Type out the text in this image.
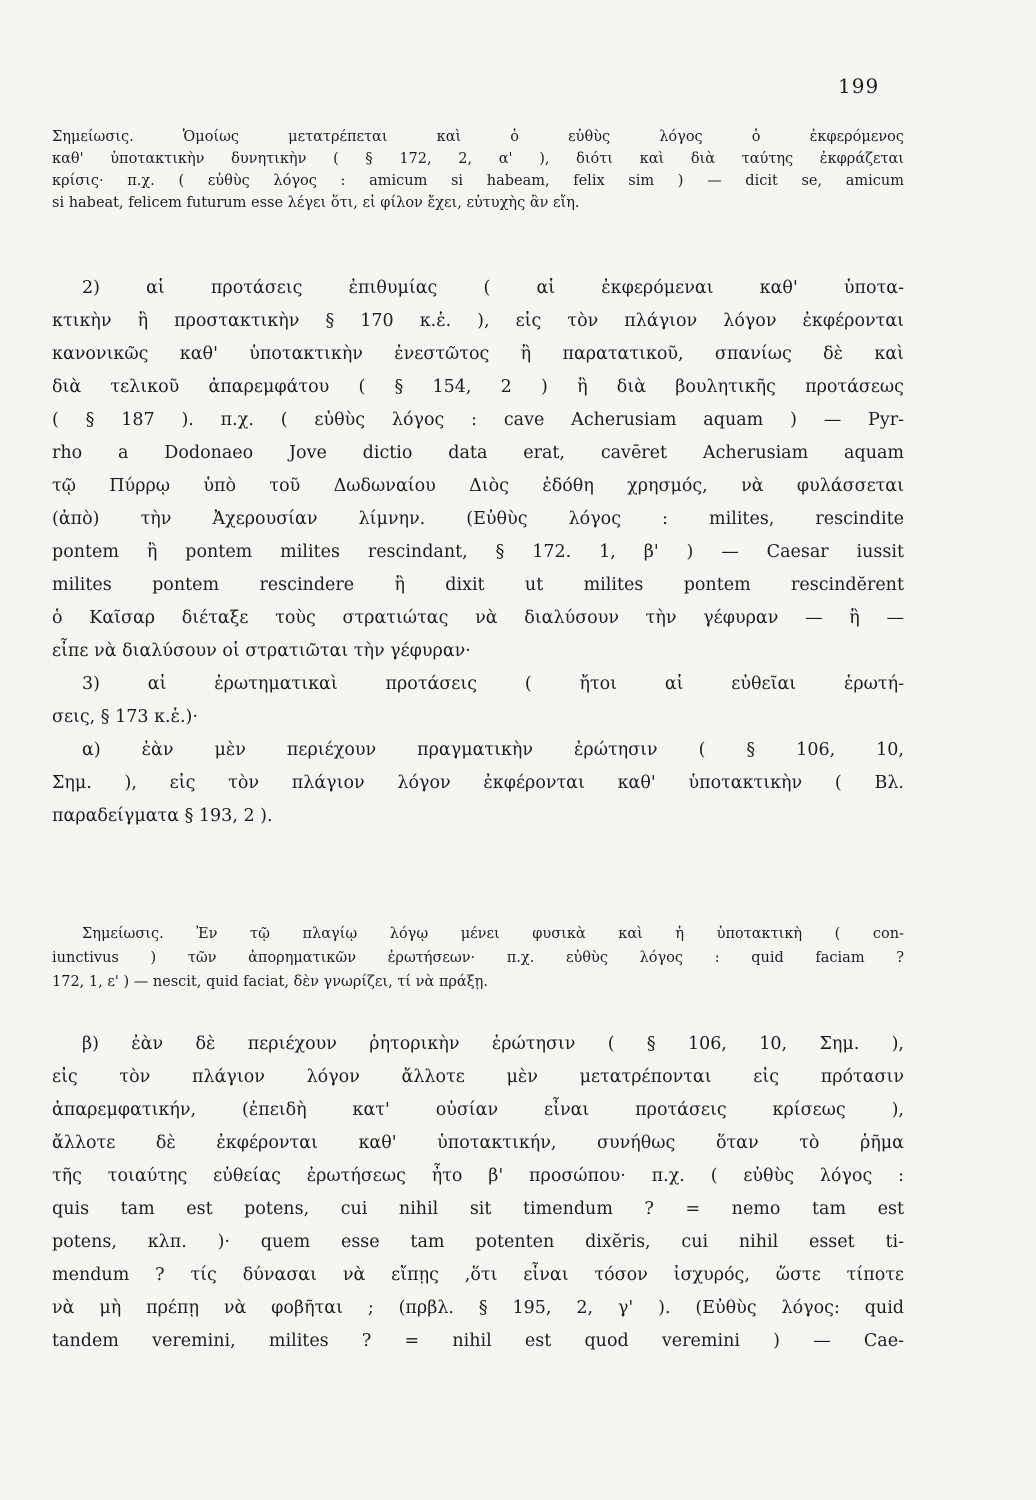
199
Σημείωσις. Ὁμοίως μετατρέπεται καὶ ὁ εὐθὺς λόγος ὁ ἐκφερόμενος
καθ' ὑποτακτικὴν δυνητικὴν ( § 172, 2, α' ), διότι καὶ διὰ ταύτης ἐκφράζεται
κρίσις· π.χ. ( εὐθὺς λόγος : amicum si habeam, felix sim ) — dicit se, amicum
si habeat, felicem futurum esse λέγει ὅτι, εἰ φίλον ἔχει, εὐτυχὴς ἂν εἴη.
2) αἱ προτάσεις ἐπιθυμίας ( αἱ ἐκφερόμεναι καθ' ὑποτα-
κτικὴν ἢ προστακτικὴν § 170 κ.ἑ. ), εἰς τὸν πλάγιον λόγον ἐκφέρονται
κανονικῶς καθ' ὑποτακτικὴν ἐνεστῶτος ἢ παρατατικοῦ, σπανίως δὲ καὶ
διὰ τελικοῦ ἀπαρεμφάτου ( § 154, 2 ) ἢ διὰ βουλητικῆς προτάσεως
( § 187 ). π.χ. ( εὐθὺς λόγος : cave Acherusiam aquam ) — Pyr-
rho a Dodonaeo Jove dictio data erat, cavēret Acherusiam aquam
τῷ Πύρρῳ ὑπὸ τοῦ Δωδωναίου Διὸς ἐδόθη χρησμός, νὰ φυλάσσεται
(ἀπὸ) τὴν Ἀχερουσίαν λίμνην. (Εὐθὺς λόγος : milites, rescindite
pontem ἢ pontem milites rescindant, § 172. 1, β' ) — Caesar iussit
milites pontem rescindere ἢ dixit ut milites pontem rescindĕrent
ὁ Καῖσαρ διέταξε τοὺς στρατιώτας νὰ διαλύσουν τὴν γέφυραν — ἢ —
εἶπε νὰ διαλύσουν οἱ στρατιῶται τὴν γέφυραν·
3) αἱ ἐρωτηματικαὶ προτάσεις ( ἤτοι αἱ εὐθεῖαι ἐρωτή-
σεις, § 173 κ.ἑ.)·
α) ἐὰν μὲν περιέχουν πραγματικὴν ἐρώτησιν ( § 106, 10,
Σημ. ), εἰς τὸν πλάγιον λόγον ἐκφέρονται καθ' ὑποτακτικὴν ( Βλ.
παραδείγματα § 193, 2 ).
Σημείωσις. Ἐν τῷ πλαγίῳ λόγῳ μένει φυσικὰ καὶ ἡ ὑποτακτικὴ ( con-
iunctivus ) τῶν ἀπορηματικῶν ἐρωτήσεων· π.χ. εὐθὺς λόγος : quid faciam ?
172, 1, ε' ) — nescit, quid faciat, δὲν γνωρίζει, τί νὰ πράξῃ.
β) ἐὰν δὲ περιέχουν ῥητορικὴν ἐρώτησιν ( § 106, 10, Σημ. ),
εἰς τὸν πλάγιον λόγον ἄλλοτε μὲν μετατρέπονται εἰς πρότασιν
ἀπαρεμφατικήν, (ἐπειδὴ κατ' οὐσίαν εἶναι προτάσεις κρίσεως ),
ἄλλοτε δὲ ἐκφέρονται καθ' ὑποτακτικήν, συνήθως ὅταν τὸ ῥῆμα
τῆς τοιαύτης εὐθείας ἐρωτήσεως ἦτο β' προσώπου· π.χ. ( εὐθὺς λόγος :
quis tam est potens, cui nihil sit timendum ? = nemo tam est
potens, κλπ. )· quem esse tam potenten dixĕris, cui nihil esset ti-
mendum ? τίς δύνασαι νὰ εἴπῃς ,ὅτι εἶναι τόσον ἰσχυρός, ὥστε τίποτε
νὰ μὴ πρέπῃ νὰ φοβῆται ; (πρβλ. § 195, 2, γ' ). (Εὐθὺς λόγος: quid
tandem veremini, milites ? = nihil est quod veremini ) — Cae-
